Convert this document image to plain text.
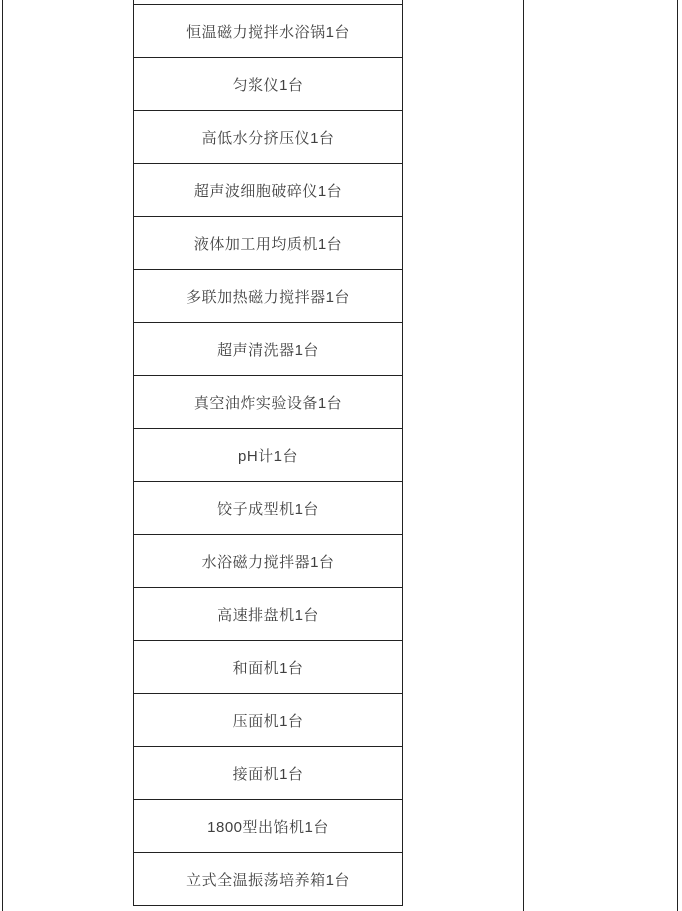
恒温磁力搅拌水浴锅1台
匀浆仪1台
高低水分挤压仪1台
超声波细胞破碎仪1台
液体加工用均质机1台
多联加热磁力搅拌器1台
超声清洗器1台
真空油炸实验设备1台
pH计1台
饺子成型机1台
水浴磁力搅拌器1台
高速排盘机1台
和面机1台
压面机1台
接面机1台
1800型出馅机1台
立式全温振荡培养箱1台
